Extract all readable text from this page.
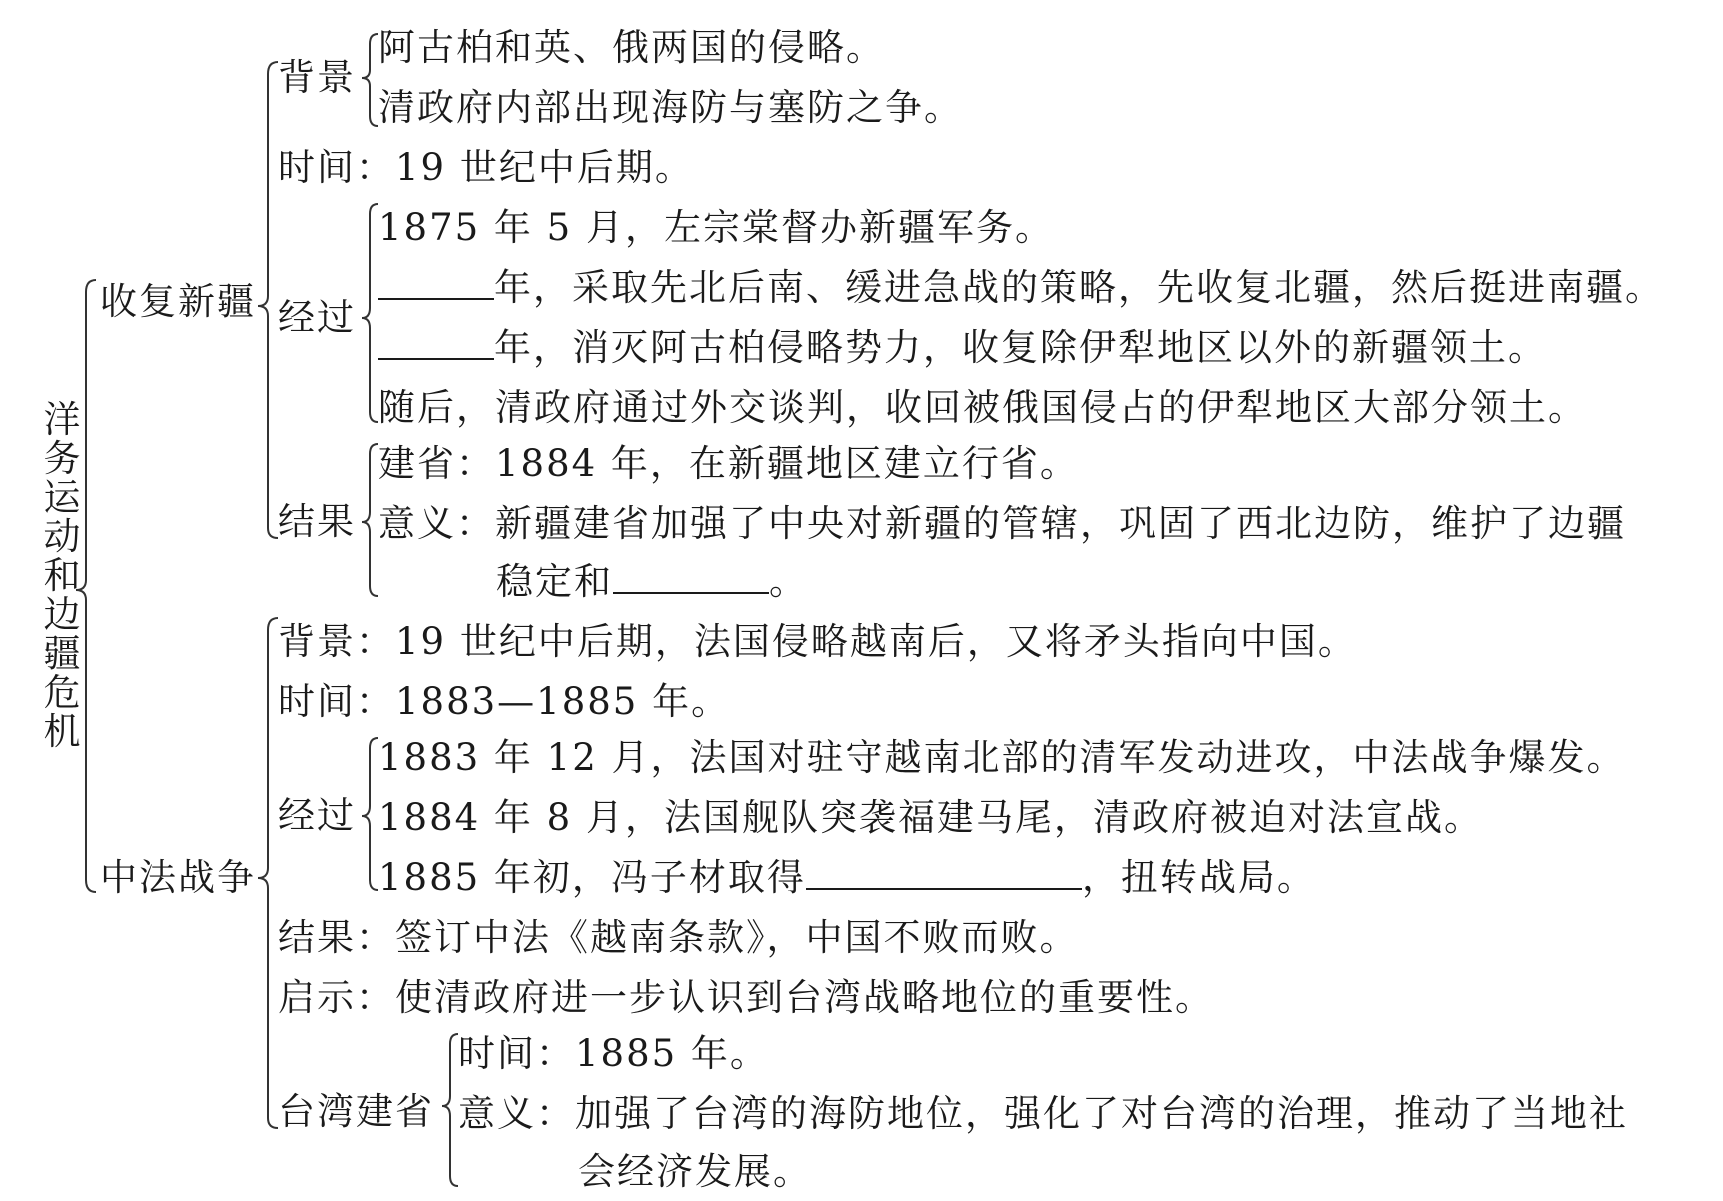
洋务运动和边疆危机
收复新疆
背景
阿古柏和英、俄两国的侵略。
清政府内部出现海防与塞防之争。
时间：19 世纪中后期。
经过
1875 年 5 月，左宗棠督办新疆军务。
年，采取先北后南、缓进急战的策略，先收复北疆，然后挺进南疆。
年，消灭阿古柏侵略势力，收复除伊犁地区以外的新疆领土。
随后，清政府通过外交谈判，收回被俄国侵占的伊犁地区大部分领土。
结果
建省：1884 年，在新疆地区建立行省。
意义：新疆建省加强了中央对新疆的管辖，巩固了西北边防，维护了边疆
稳定和	。
中法战争
背景：19 世纪中后期，法国侵略越南后，又将矛头指向中国。
时间：1883—1885 年。
经过
1883 年 12 月，法国对驻守越南北部的清军发动进攻，中法战争爆发。
1884 年 8 月，法国舰队突袭福建马尾，清政府被迫对法宣战。
1885 年初，冯子材取得	，扭转战局。
结果：签订中法《越南条款》，中国不败而败。
启示：使清政府进一步认识到台湾战略地位的重要性。
台湾建省
时间：1885 年。
意义：加强了台湾的海防地位，强化了对台湾的治理，推动了当地社
会经济发展。
